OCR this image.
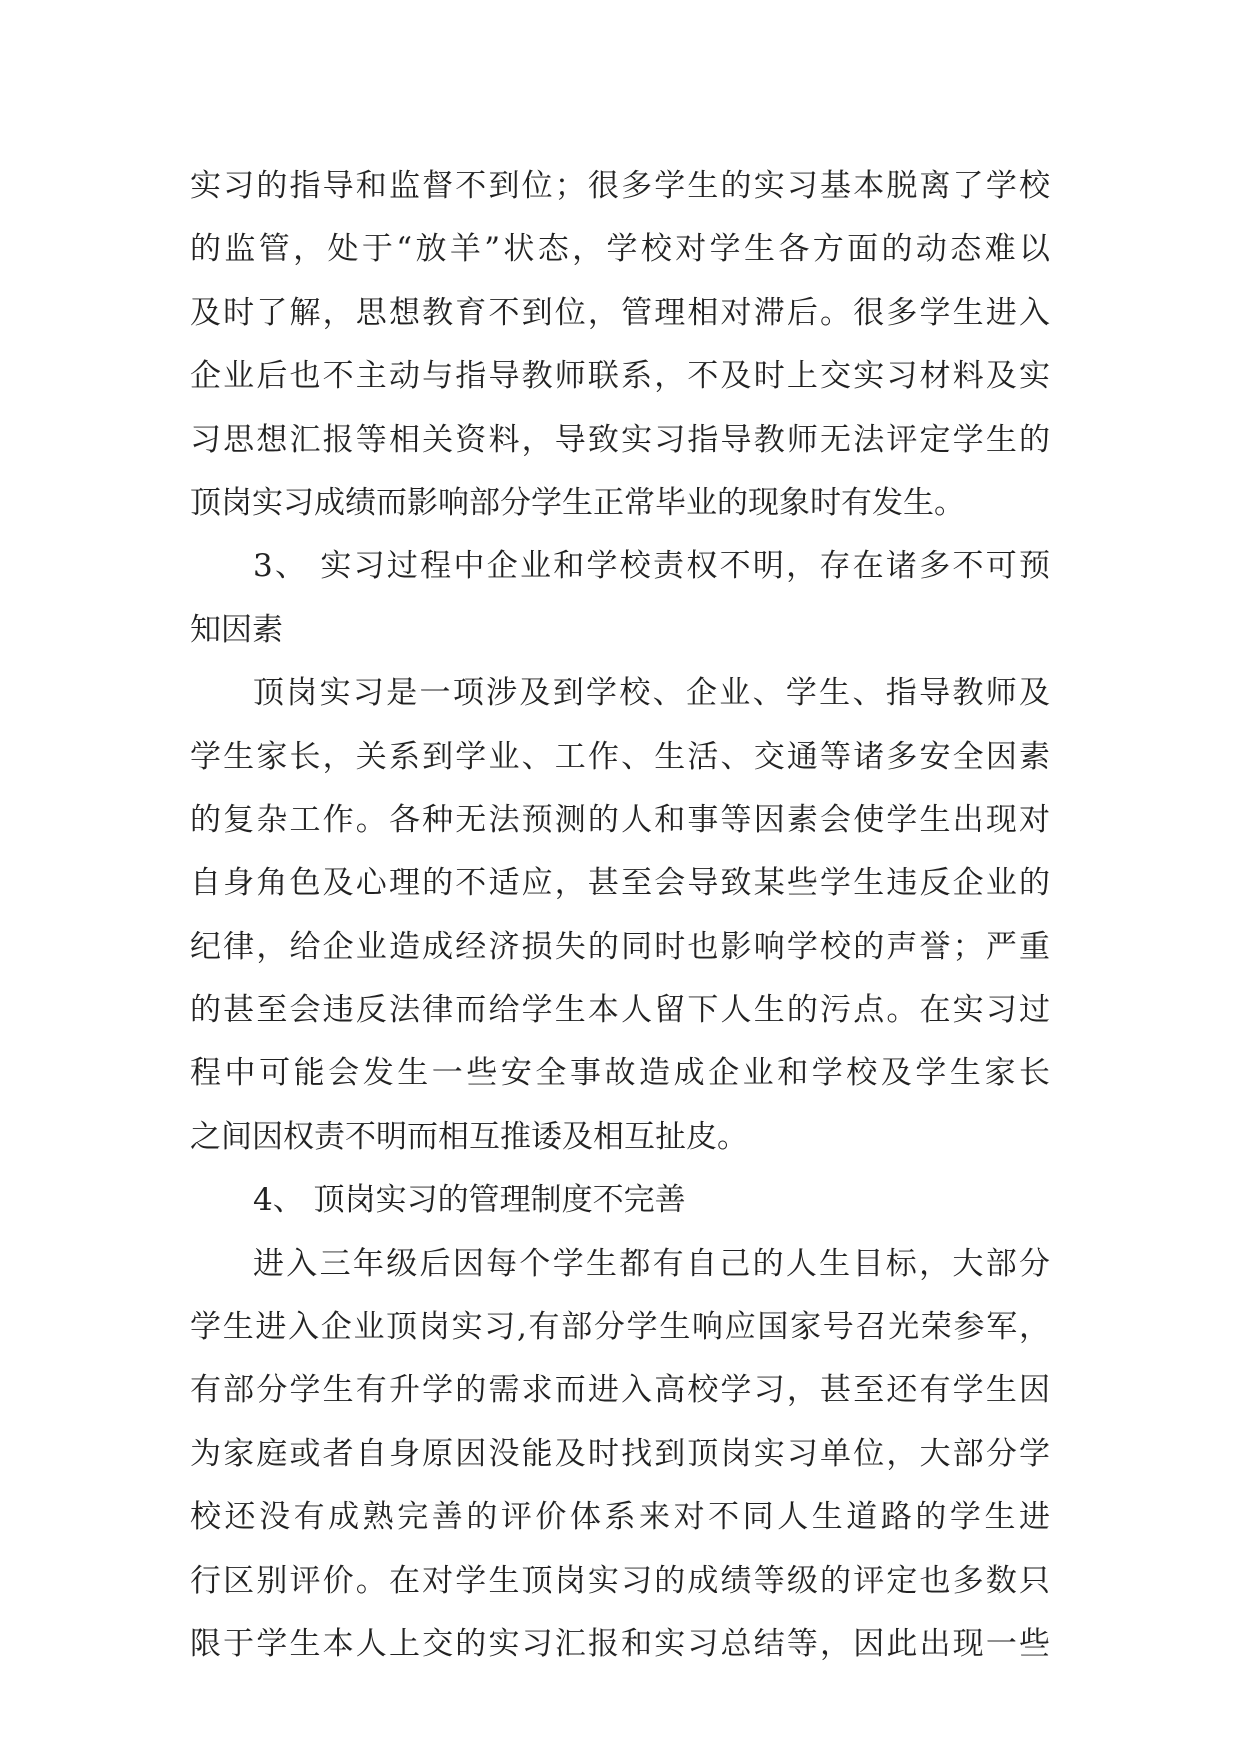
实习的指导和监督不到位；很多学生的实习基本脱离了学校
的监管，处于“放羊”状态，学校对学生各方面的动态难以
及时了解，思想教育不到位，管理相对滞后。很多学生进入
企业后也不主动与指导教师联系，不及时上交实习材料及实
习思想汇报等相关资料，导致实习指导教师无法评定学生的
顶岗实习成绩而影响部分学生正常毕业的现象时有发生。
3、 实习过程中企业和学校责权不明，存在诸多不可预
知因素
顶岗实习是一项涉及到学校、企业、学生、指导教师及
学生家长，关系到学业、工作、生活、交通等诸多安全因素
的复杂工作。各种无法预测的人和事等因素会使学生出现对
自身角色及心理的不适应，甚至会导致某些学生违反企业的
纪律，给企业造成经济损失的同时也影响学校的声誉；严重
的甚至会违反法律而给学生本人留下人生的污点。在实习过
程中可能会发生一些安全事故造成企业和学校及学生家长
之间因权责不明而相互推诿及相互扯皮。
4、 顶岗实习的管理制度不完善
进入三年级后因每个学生都有自己的人生目标，大部分
学生进入企业顶岗实习,有部分学生响应国家号召光荣参军，
有部分学生有升学的需求而进入高校学习，甚至还有学生因
为家庭或者自身原因没能及时找到顶岗实习单位，大部分学
校还没有成熟完善的评价体系来对不同人生道路的学生进
行区别评价。在对学生顶岗实习的成绩等级的评定也多数只
限于学生本人上交的实习汇报和实习总结等，因此出现一些
